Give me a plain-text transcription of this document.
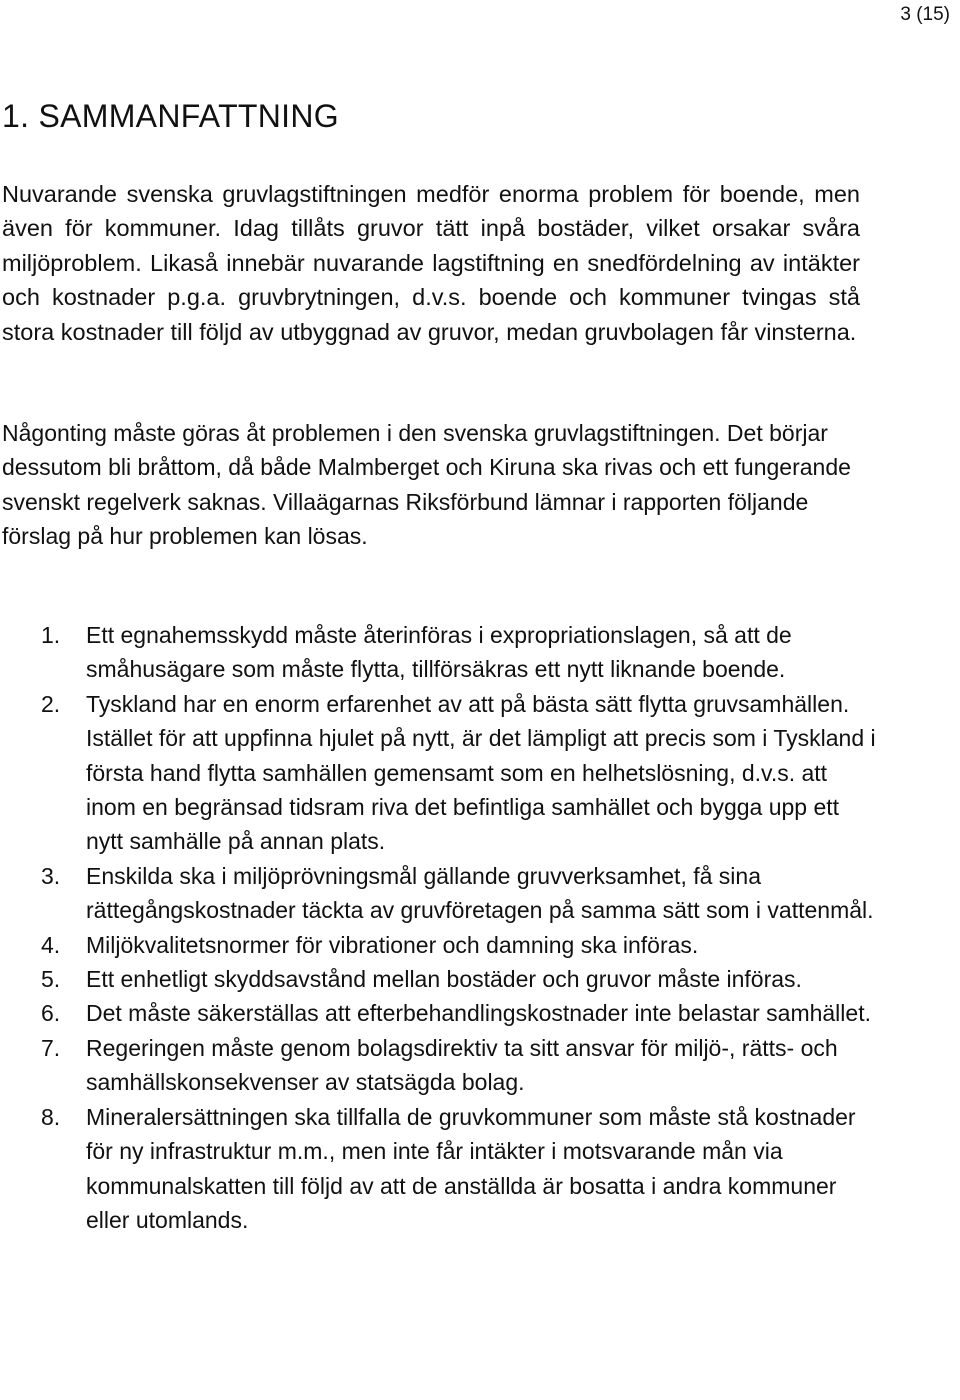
3 (15)
1. SAMMANFATTNING

Nuvarande svenska gruvlagstiftningen medför enorma problem för boende, men även för kommuner. Idag tillåts gruvor tätt inpå bostäder, vilket orsakar svåra miljöproblem. Likaså innebär nuvarande lagstiftning en snedfördelning av intäkter och kostnader p.g.a. gruvbrytningen, d.v.s. boende och kommuner tvingas stå stora kostnader till följd av utbyggnad av gruvor, medan gruvbolagen får vinsterna.

Någonting måste göras åt problemen i den svenska gruvlagstiftningen. Det börjar dessutom bli bråttom, då både Malmberget och Kiruna ska rivas och ett fungerande svenskt regelverk saknas. Villaägarnas Riksförbund lämnar i rapporten följande förslag på hur problemen kan lösas.

1. Ett egnahemsskydd måste återinföras i expropriationslagen, så att de småhusägare som måste flytta, tillförsäkras ett nytt liknande boende.
2. Tyskland har en enorm erfarenhet av att på bästa sätt flytta gruvsamhällen. Istället för att uppfinna hjulet på nytt, är det lämpligt att precis som i Tyskland i första hand flytta samhällen gemensamt som en helhetslösning, d.v.s. att inom en begränsad tidsram riva det befintliga samhället och bygga upp ett nytt samhälle på annan plats.
3. Enskilda ska i miljöprövningsmål gällande gruvverksamhet, få sina rättegångskostnader täckta av gruvföretagen på samma sätt som i vattenmål.
4. Miljökvalitetsnormer för vibrationer och damning ska införas.
5. Ett enhetligt skyddsavstånd mellan bostäder och gruvor måste införas.
6. Det måste säkerställas att efterbehandlingskostnader inte belastar samhället.
7. Regeringen måste genom bolagsdirektiv ta sitt ansvar för miljö-, rätts- och samhällskonsekvenser av statsägda bolag.
8. Mineralersättningen ska tillfalla de gruvkommuner som måste stå kostnader för ny infrastruktur m.m., men inte får intäkter i motsvarande mån via kommunalskatten till följd av att de anställda är bosatta i andra kommuner eller utomlands.
